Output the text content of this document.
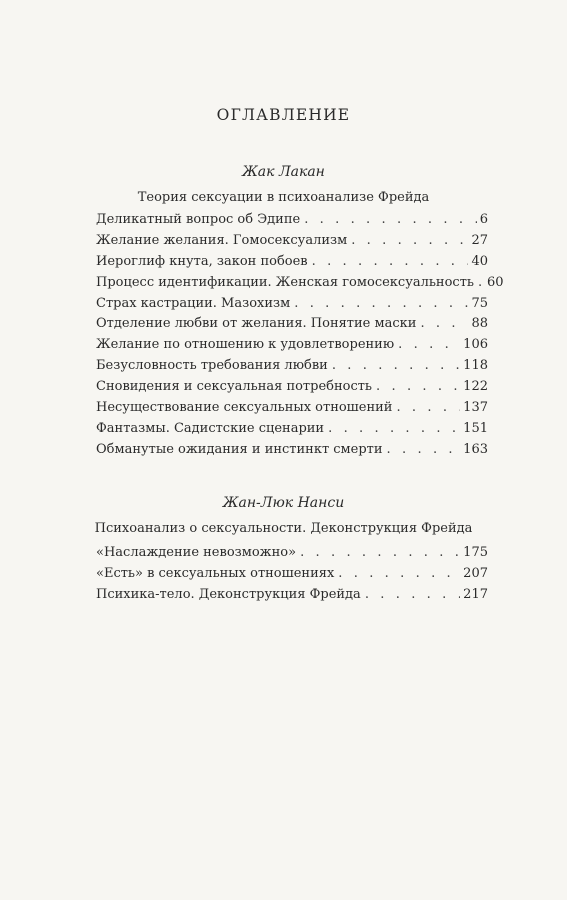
ОГЛАВЛЕНИЕ
Жак Лакан
Теория сексуации в психоанализе Фрейда
Деликатный вопрос об Эдипе . . .	6
Желание желания. Гомосексуализм . . .	27
Иероглиф кнута, закон побоев . . .	40
Процесс идентификации. Женская гомосексуальность . . .	60
Страх кастрации. Мазохизм . . .	75
Отделение любви от желания. Понятие маски . . .	88
Желание по отношению к удовлетворению . . .	106
Безусловность требования любви . . .	118
Сновидения и сексуальная потребность . . .	122
Несуществование сексуальных отношений . . .	137
Фантазмы. Садистские сценарии . . .	151
Обманутые ожидания и инстинкт смерти . . .	163
Жан-Люк Нанси
Психоанализ о сексуальности. Деконструкция Фрейда
«Наслаждение невозможно» . . .	175
«Есть» в сексуальных отношениях . . .	207
Психика-тело. Деконструкция Фрейда . . .	217
